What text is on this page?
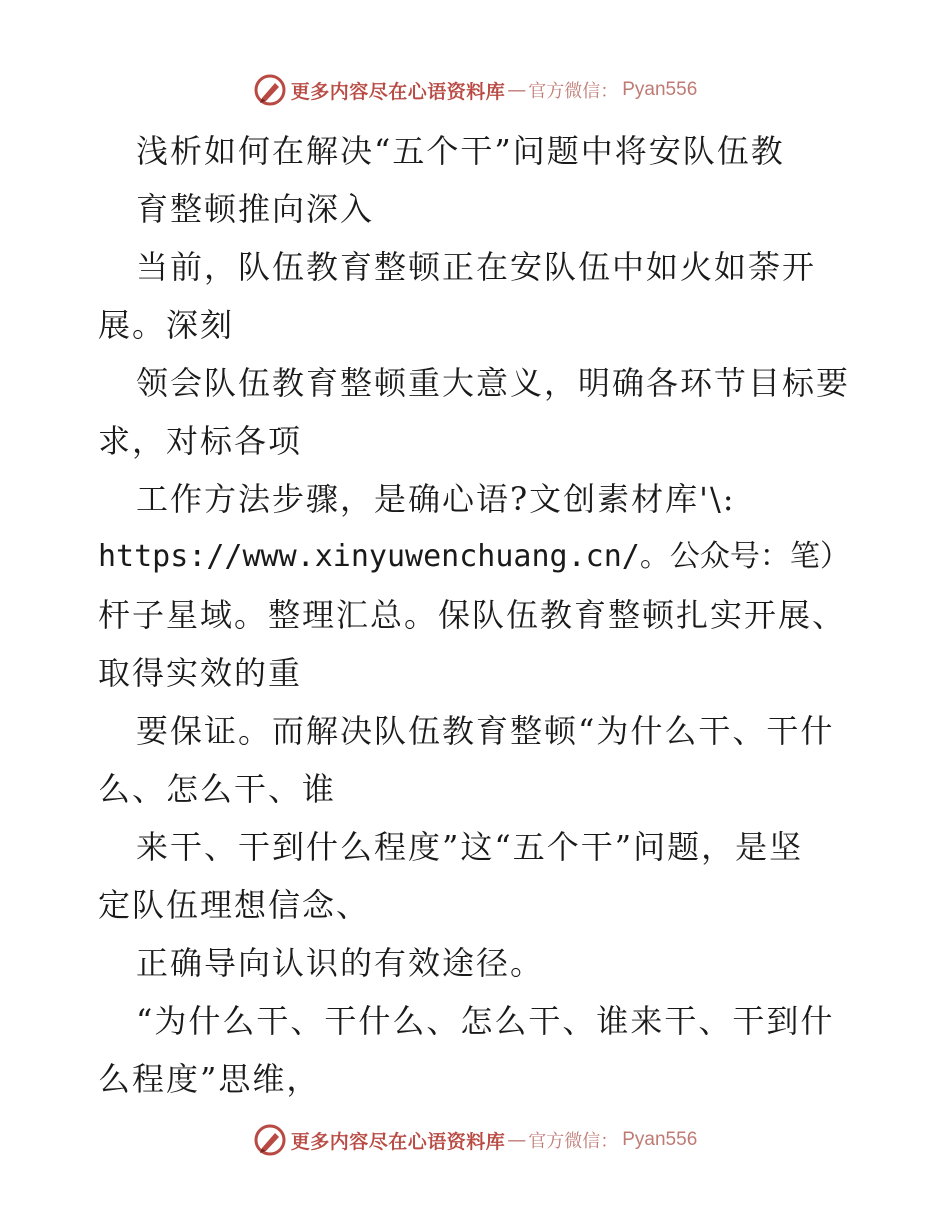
更多内容尽在心语资料库 — 官方微信 ： Pyan556
浅析如何在解决“五个干”问题中将安队伍教
育整顿推向深入
当前，队伍教育整顿正在安队伍中如火如荼开
展。深刻
领会队伍教育整顿重大意义，明确各环节目标要
求，对标各项
工作方法步骤，是确心语?文创素材库'\:
https://www.xinyuwenchuang.cn/。公众号：笔）
杆子星域。整理汇总。保队伍教育整顿扎实开展、
取得实效的重
要保证。而解决队伍教育整顿“为什么干、干什
么、怎么干、谁
来干、干到什么程度”这“五个干”问题，是坚
定队伍理想信念、
正确导向认识的有效途径。
“为什么干、干什么、怎么干、谁来干、干到什
么程度”思维，
更多内容尽在心语资料库 — 官方微信 ： Pyan556
